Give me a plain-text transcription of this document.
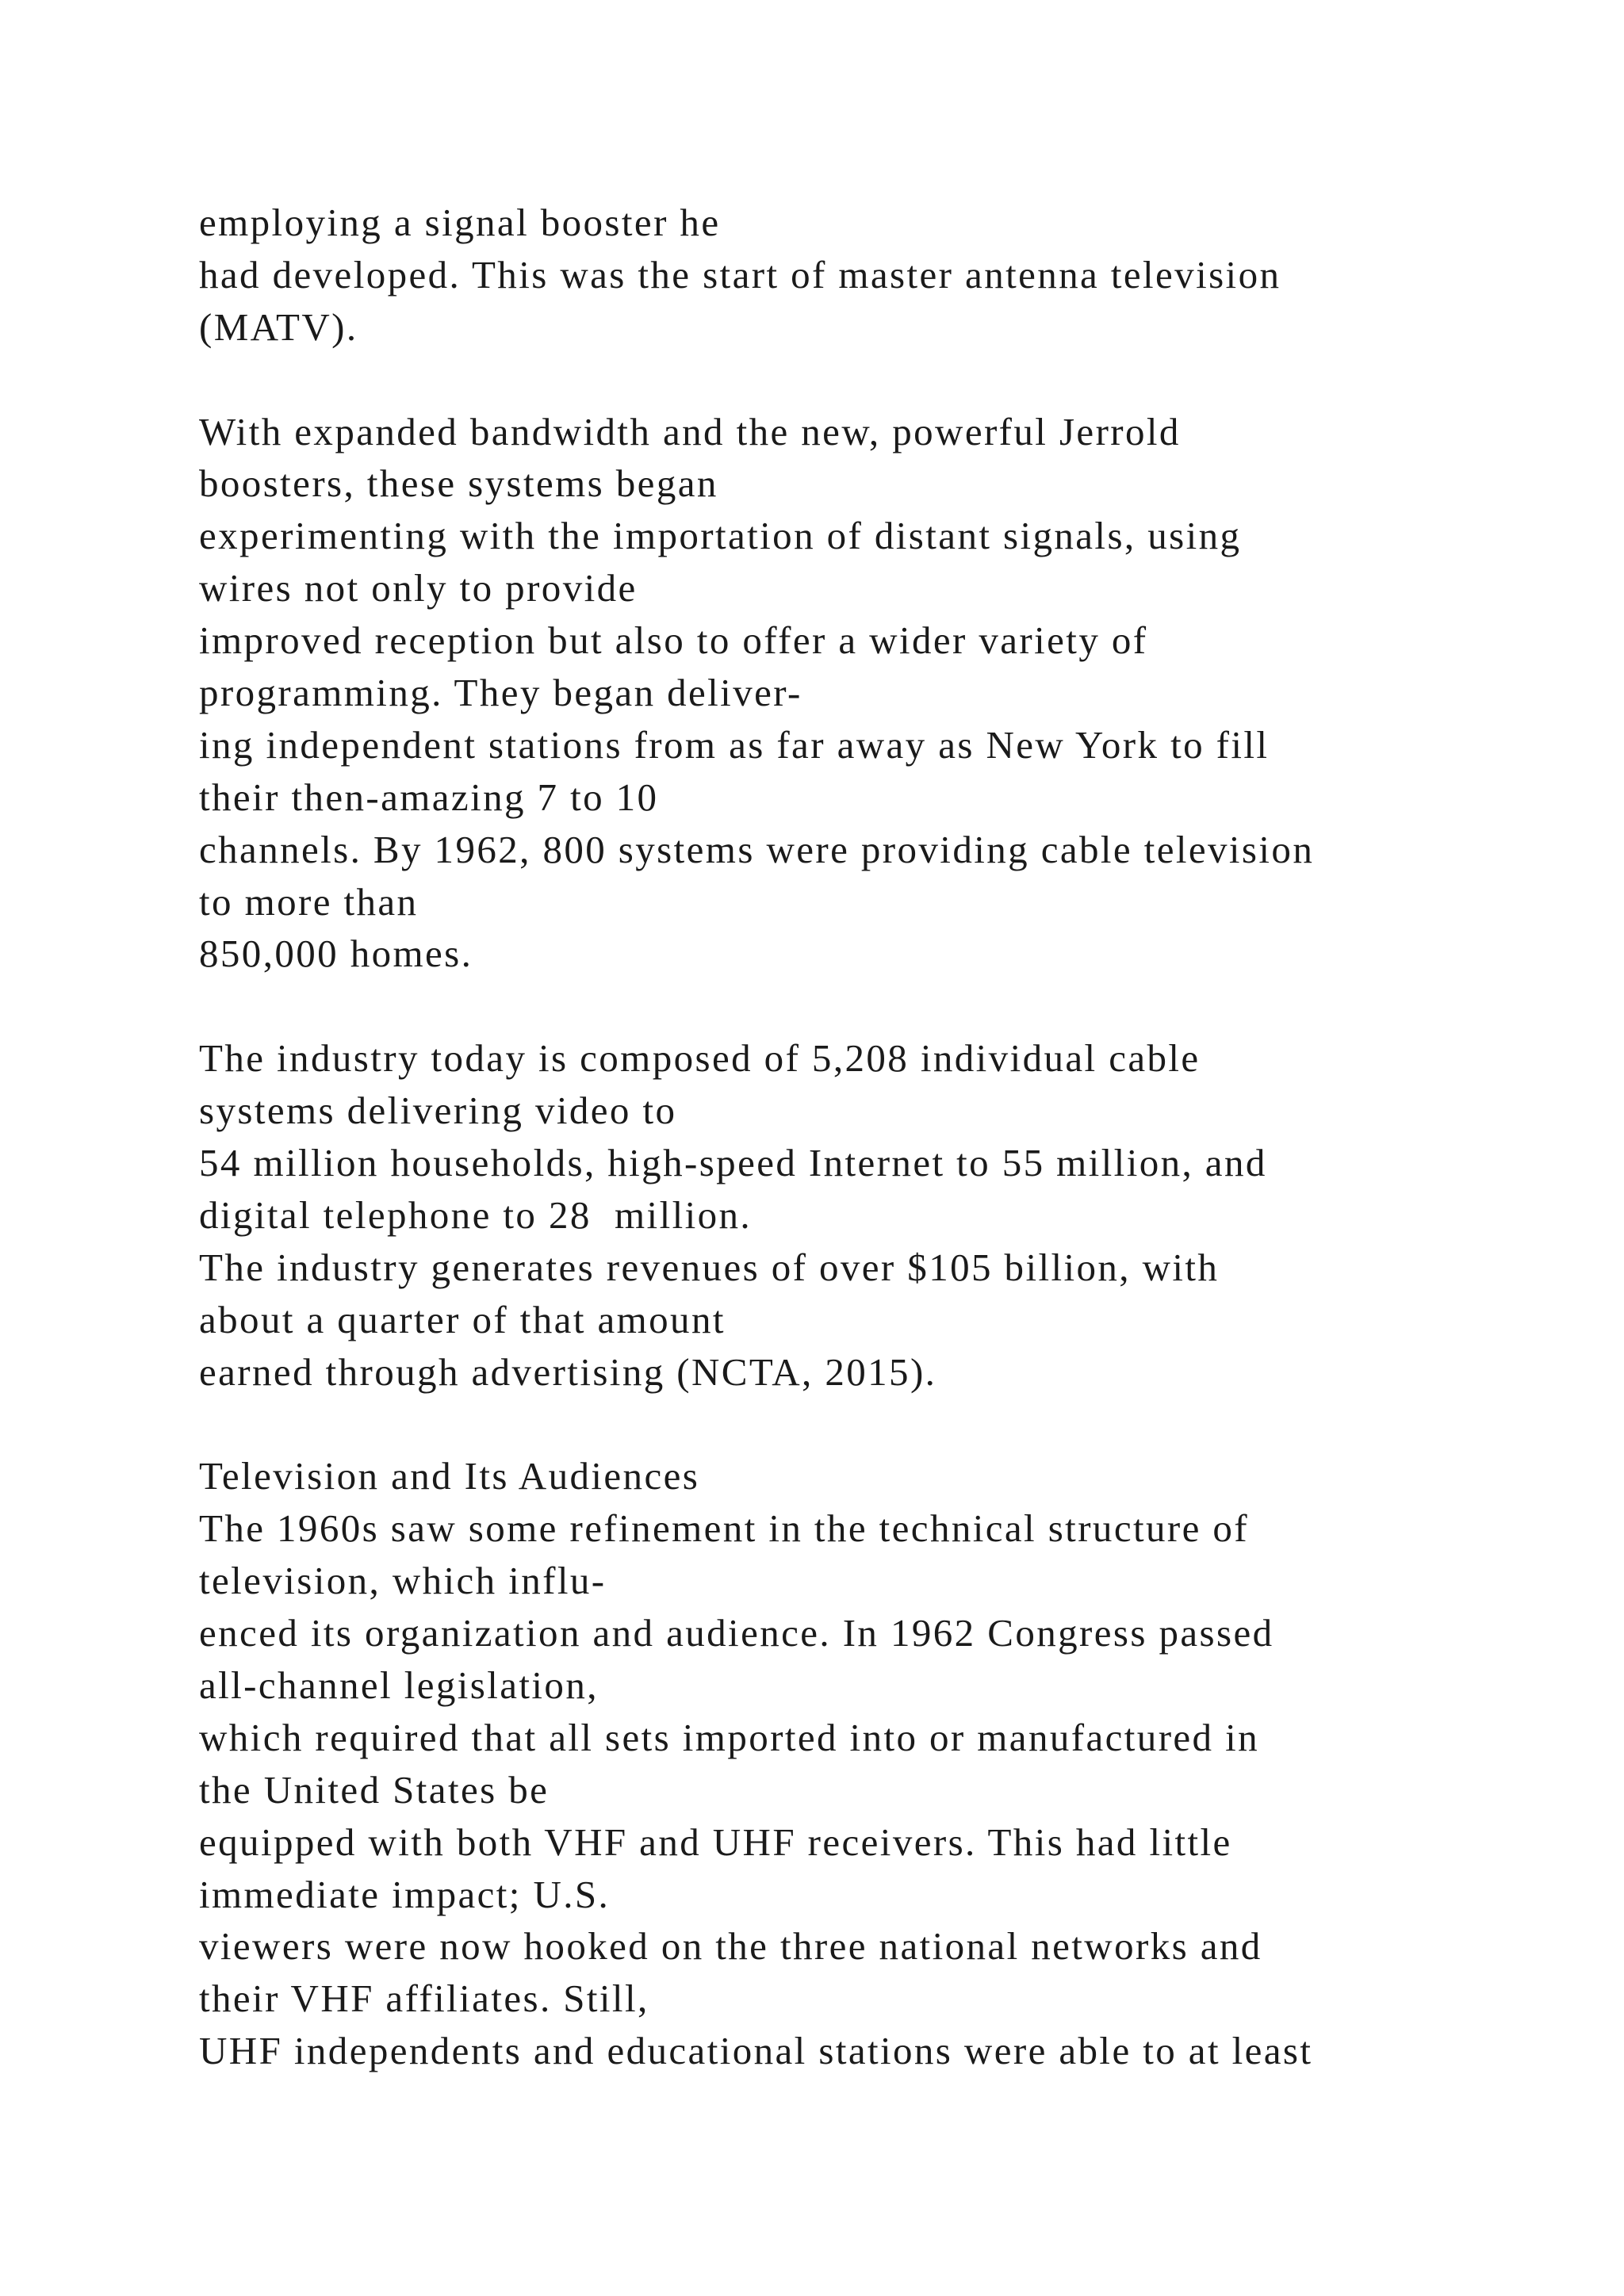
employing a signal booster he
had developed. This was the start of master antenna television
(MATV).
With expanded bandwidth and the new, powerful Jerrold
boosters, these systems began
experimenting with the importation of distant signals, using
wires not only to provide
improved reception but also to offer a wider variety of
programming. They began deliver-
ing independent stations from as far away as New York to fill
their then-amazing 7 to 10
channels. By 1962, 800 systems were providing cable television
to more than
850,000 homes.
The industry today is composed of 5,208 individual cable
systems delivering video to
54 million households, high-speed Internet to 55 million, and
digital telephone to 28  million.
The industry generates revenues of over $105 billion, with
about a quarter of that amount
earned through advertising (NCTA, 2015).
Television and Its Audiences
The 1960s saw some refinement in the technical structure of
television, which influ-
enced its organization and audience. In 1962 Congress passed
all-channel legislation,
which required that all sets imported into or manufactured in
the United States be
equipped with both VHF and UHF receivers. This had little
immediate impact; U.S.
viewers were now hooked on the three national networks and
their VHF affiliates. Still,
UHF independents and educational stations were able to at least
